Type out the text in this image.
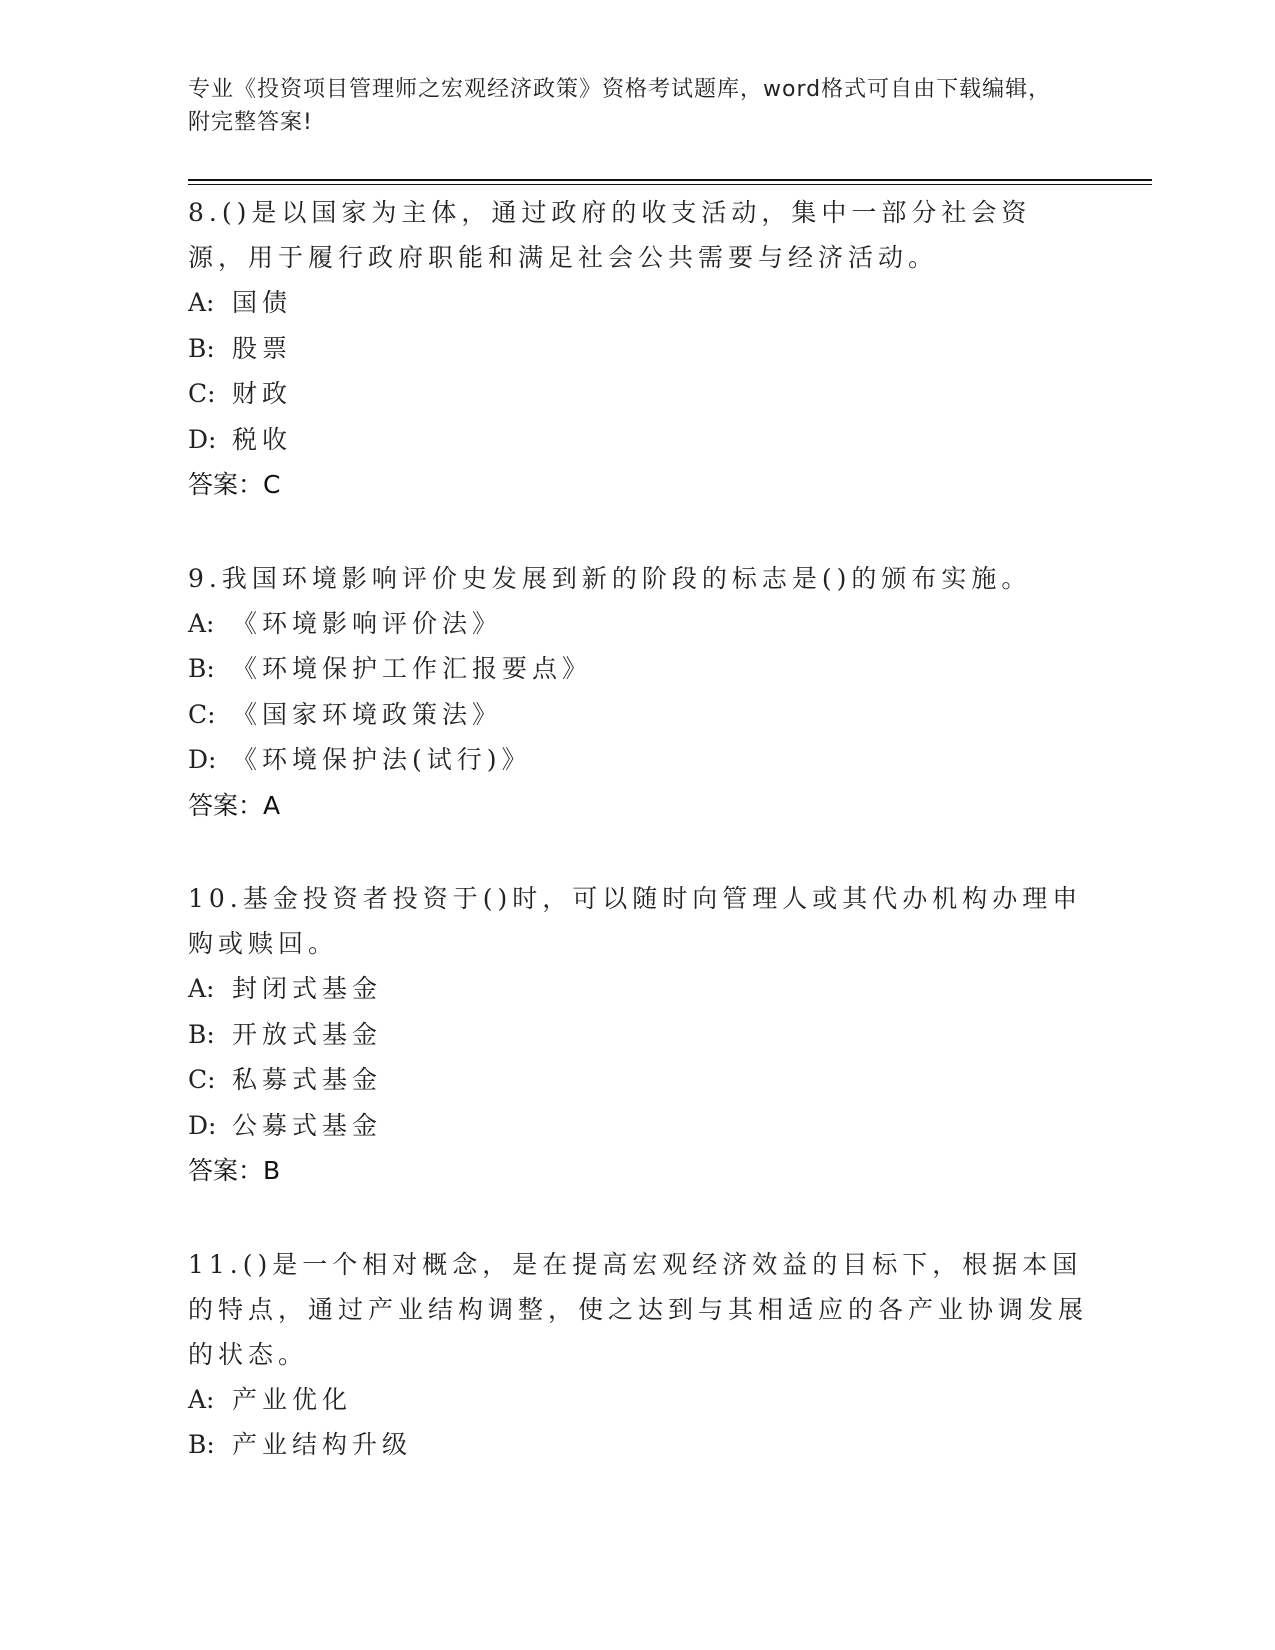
专业《投资项目管理师之宏观经济政策》资格考试题库，word格式可自由下载编辑，附完整答案!
8.()是以国家为主体，通过政府的收支活动，集中一部分社会资源，用于履行政府职能和满足社会公共需要与经济活动。
A: 国债
B: 股票
C: 财政
D: 税收
答案：C
9.我国环境影响评价史发展到新的阶段的标志是()的颁布实施。
A: 《环境影响评价法》
B: 《环境保护工作汇报要点》
C: 《国家环境政策法》
D: 《环境保护法(试行)》
答案：A
10.基金投资者投资于()时，可以随时向管理人或其代办机构办理申购或赎回。
A: 封闭式基金
B: 开放式基金
C: 私募式基金
D: 公募式基金
答案：B
11.()是一个相对概念，是在提高宏观经济效益的目标下，根据本国的特点，通过产业结构调整，使之达到与其相适应的各产业协调发展的状态。
A: 产业优化
B: 产业结构升级
